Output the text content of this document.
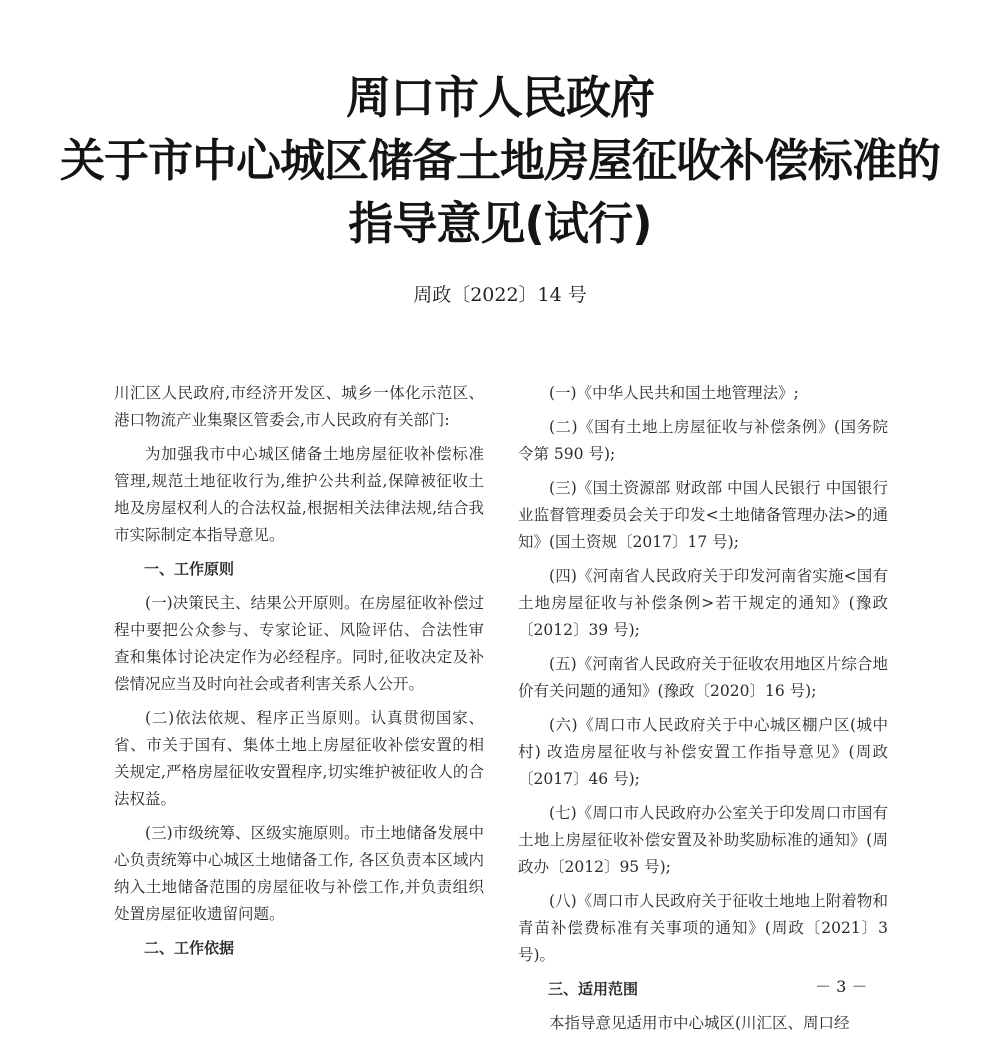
周口市人民政府
关于市中心城区储备土地房屋征收补偿标准的
指导意见(试行)
周政〔2022〕14 号

川汇区人民政府,市经济开发区、城乡一体化示范区、港口物流产业集聚区管委会,市人民政府有关部门:

为加强我市中心城区储备土地房屋征收补偿标准管理,规范土地征收行为,维护公共利益,保障被征收土地及房屋权利人的合法权益,根据相关法律法规,结合我市实际制定本指导意见。

一、工作原则

(一)决策民主、结果公开原则。在房屋征收补偿过程中要把公众参与、专家论证、风险评估、合法性审查和集体讨论决定作为必经程序。同时,征收决定及补偿情况应当及时向社会或者利害关系人公开。

(二)依法依规、程序正当原则。认真贯彻国家、省、市关于国有、集体土地上房屋征收补偿安置的相关规定,严格房屋征收安置程序,切实维护被征收人的合法权益。

(三)市级统筹、区级实施原则。市土地储备发展中心负责统筹中心城区土地储备工作, 各区负责本区域内纳入土地储备范围的房屋征收与补偿工作,并负责组织处置房屋征收遗留问题。

二、工作依据

(一)《中华人民共和国土地管理法》;

(二)《国有土地上房屋征收与补偿条例》(国务院令第 590 号);

(三)《国土资源部 财政部 中国人民银行 中国银行业监督管理委员会关于印发<土地储备管理办法>的通知》(国土资规〔2017〕17 号);

(四)《河南省人民政府关于印发河南省实施<国有土地房屋征收与补偿条例>若干规定的通知》(豫政〔2012〕39 号);

(五)《河南省人民政府关于征收农用地区片综合地价有关问题的通知》(豫政〔2020〕16 号);

(六)《周口市人民政府关于中心城区棚户区(城中村) 改造房屋征收与补偿安置工作指导意见》(周政〔2017〕46 号);

(七)《周口市人民政府办公室关于印发周口市国有土地上房屋征收补偿安置及补助奖励标准的通知》(周政办〔2012〕95 号);

(八)《周口市人民政府关于征收土地地上附着物和青苗补偿费标准有关事项的通知》(周政〔2021〕3 号)。

三、适用范围

本指导意见适用市中心城区(川汇区、周口经

－ 3 －
